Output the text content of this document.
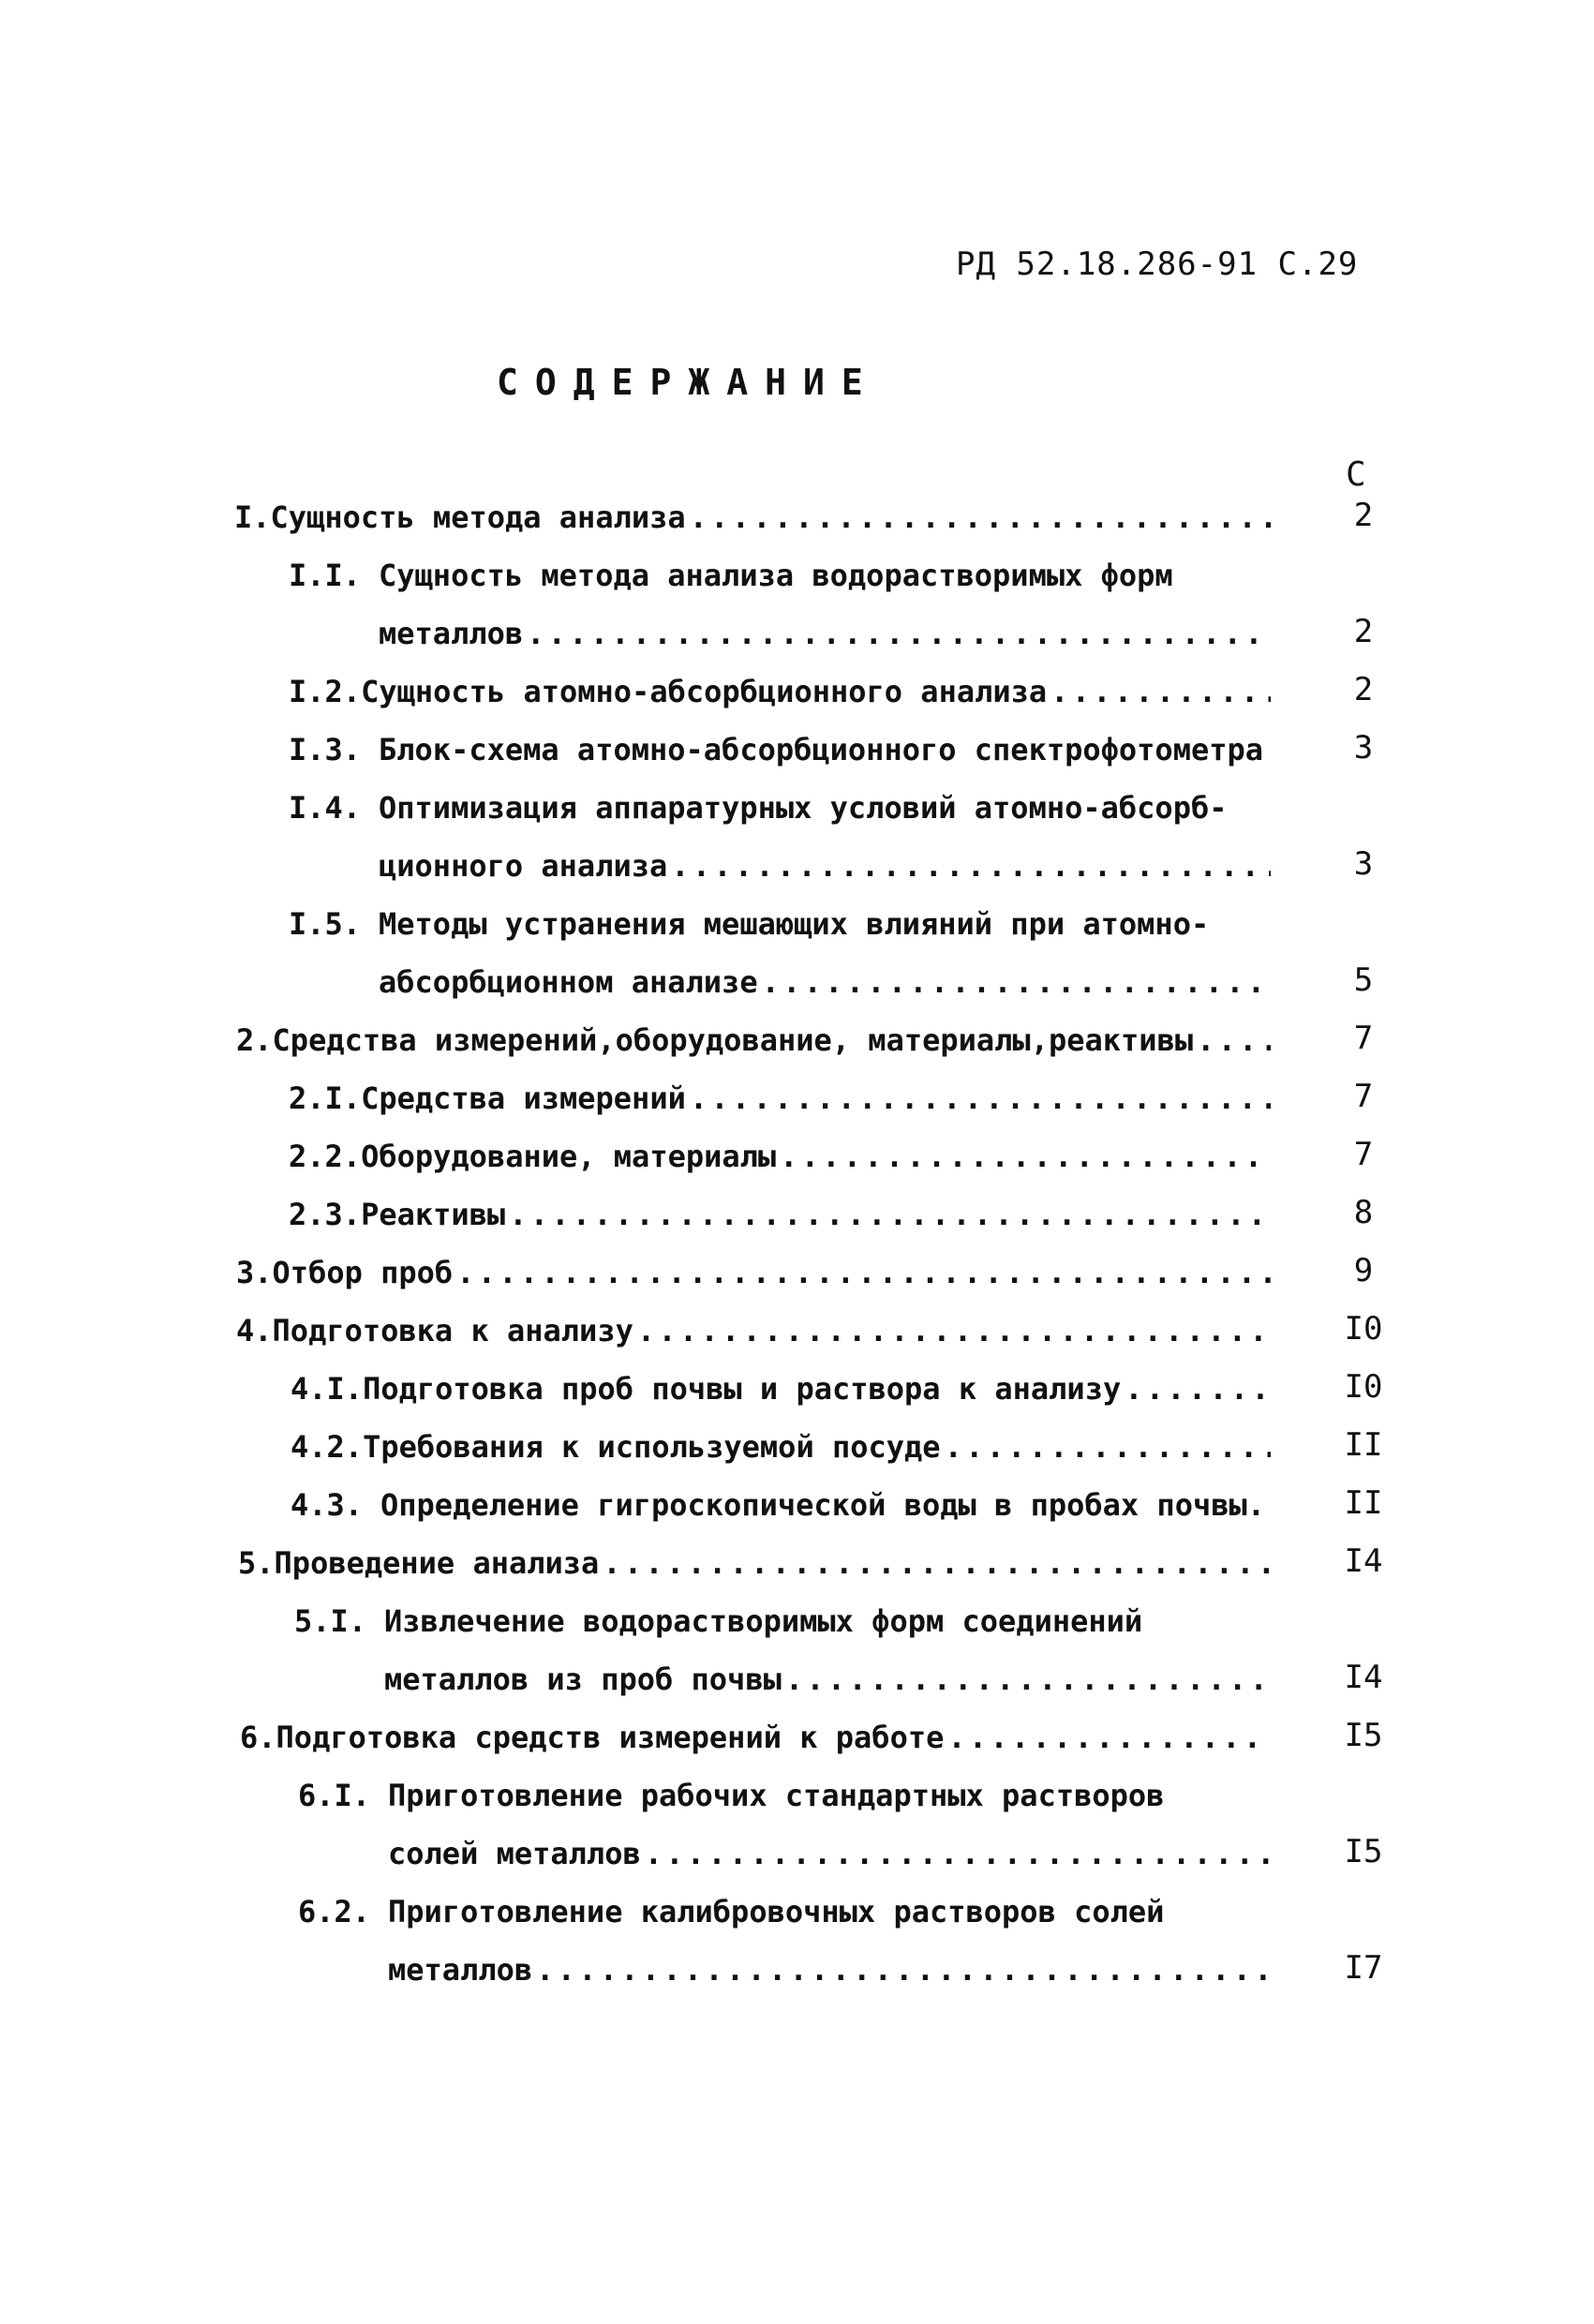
РД 52.18.286-91 С.29
СОДЕРЖАНИЕ
С
I. Сущность метода анализа . . .	2
I.I. Сущность метода анализа водорастворимых форм
металлов . . .	2
I.2. Сущность атомно-абсорбционного анализа . . .	2
I.3. Блок-схема атомно-абсорбционного спектрофотометра	3
I.4. Оптимизация аппаратурных условий атомно-абсорб-
ционного анализа . . .	3
I.5. Методы устранения мешающих влияний при атомно-
абсорбционном анализе . . .	5
2. Средства измерений,оборудование, материалы,реактивы . . .	7
2.I. Средства измерений . . .	7
2.2. Оборудование, материалы . . .	7
2.3. Реактивы . . .	8
3. Отбор проб . . .	9
4. Подготовка к анализу . . .	I0
4.I. Подготовка проб почвы и раствора к анализу . . .	I0
4.2. Требования к используемой посуде . . .	II
4.3. Определение гигроскопической воды в пробах почвы. II
5. Проведение анализа . . .	I4
5.I. Извлечение водорастворимых форм соединений
металлов из проб почвы . . .	I4
6. Подготовка средств измерений к работе . . .	I5
6.I. Приготовление рабочих стандартных растворов
солей металлов . . .	I5
6.2. Приготовление калибровочных растворов солей
металлов . . .	I7
